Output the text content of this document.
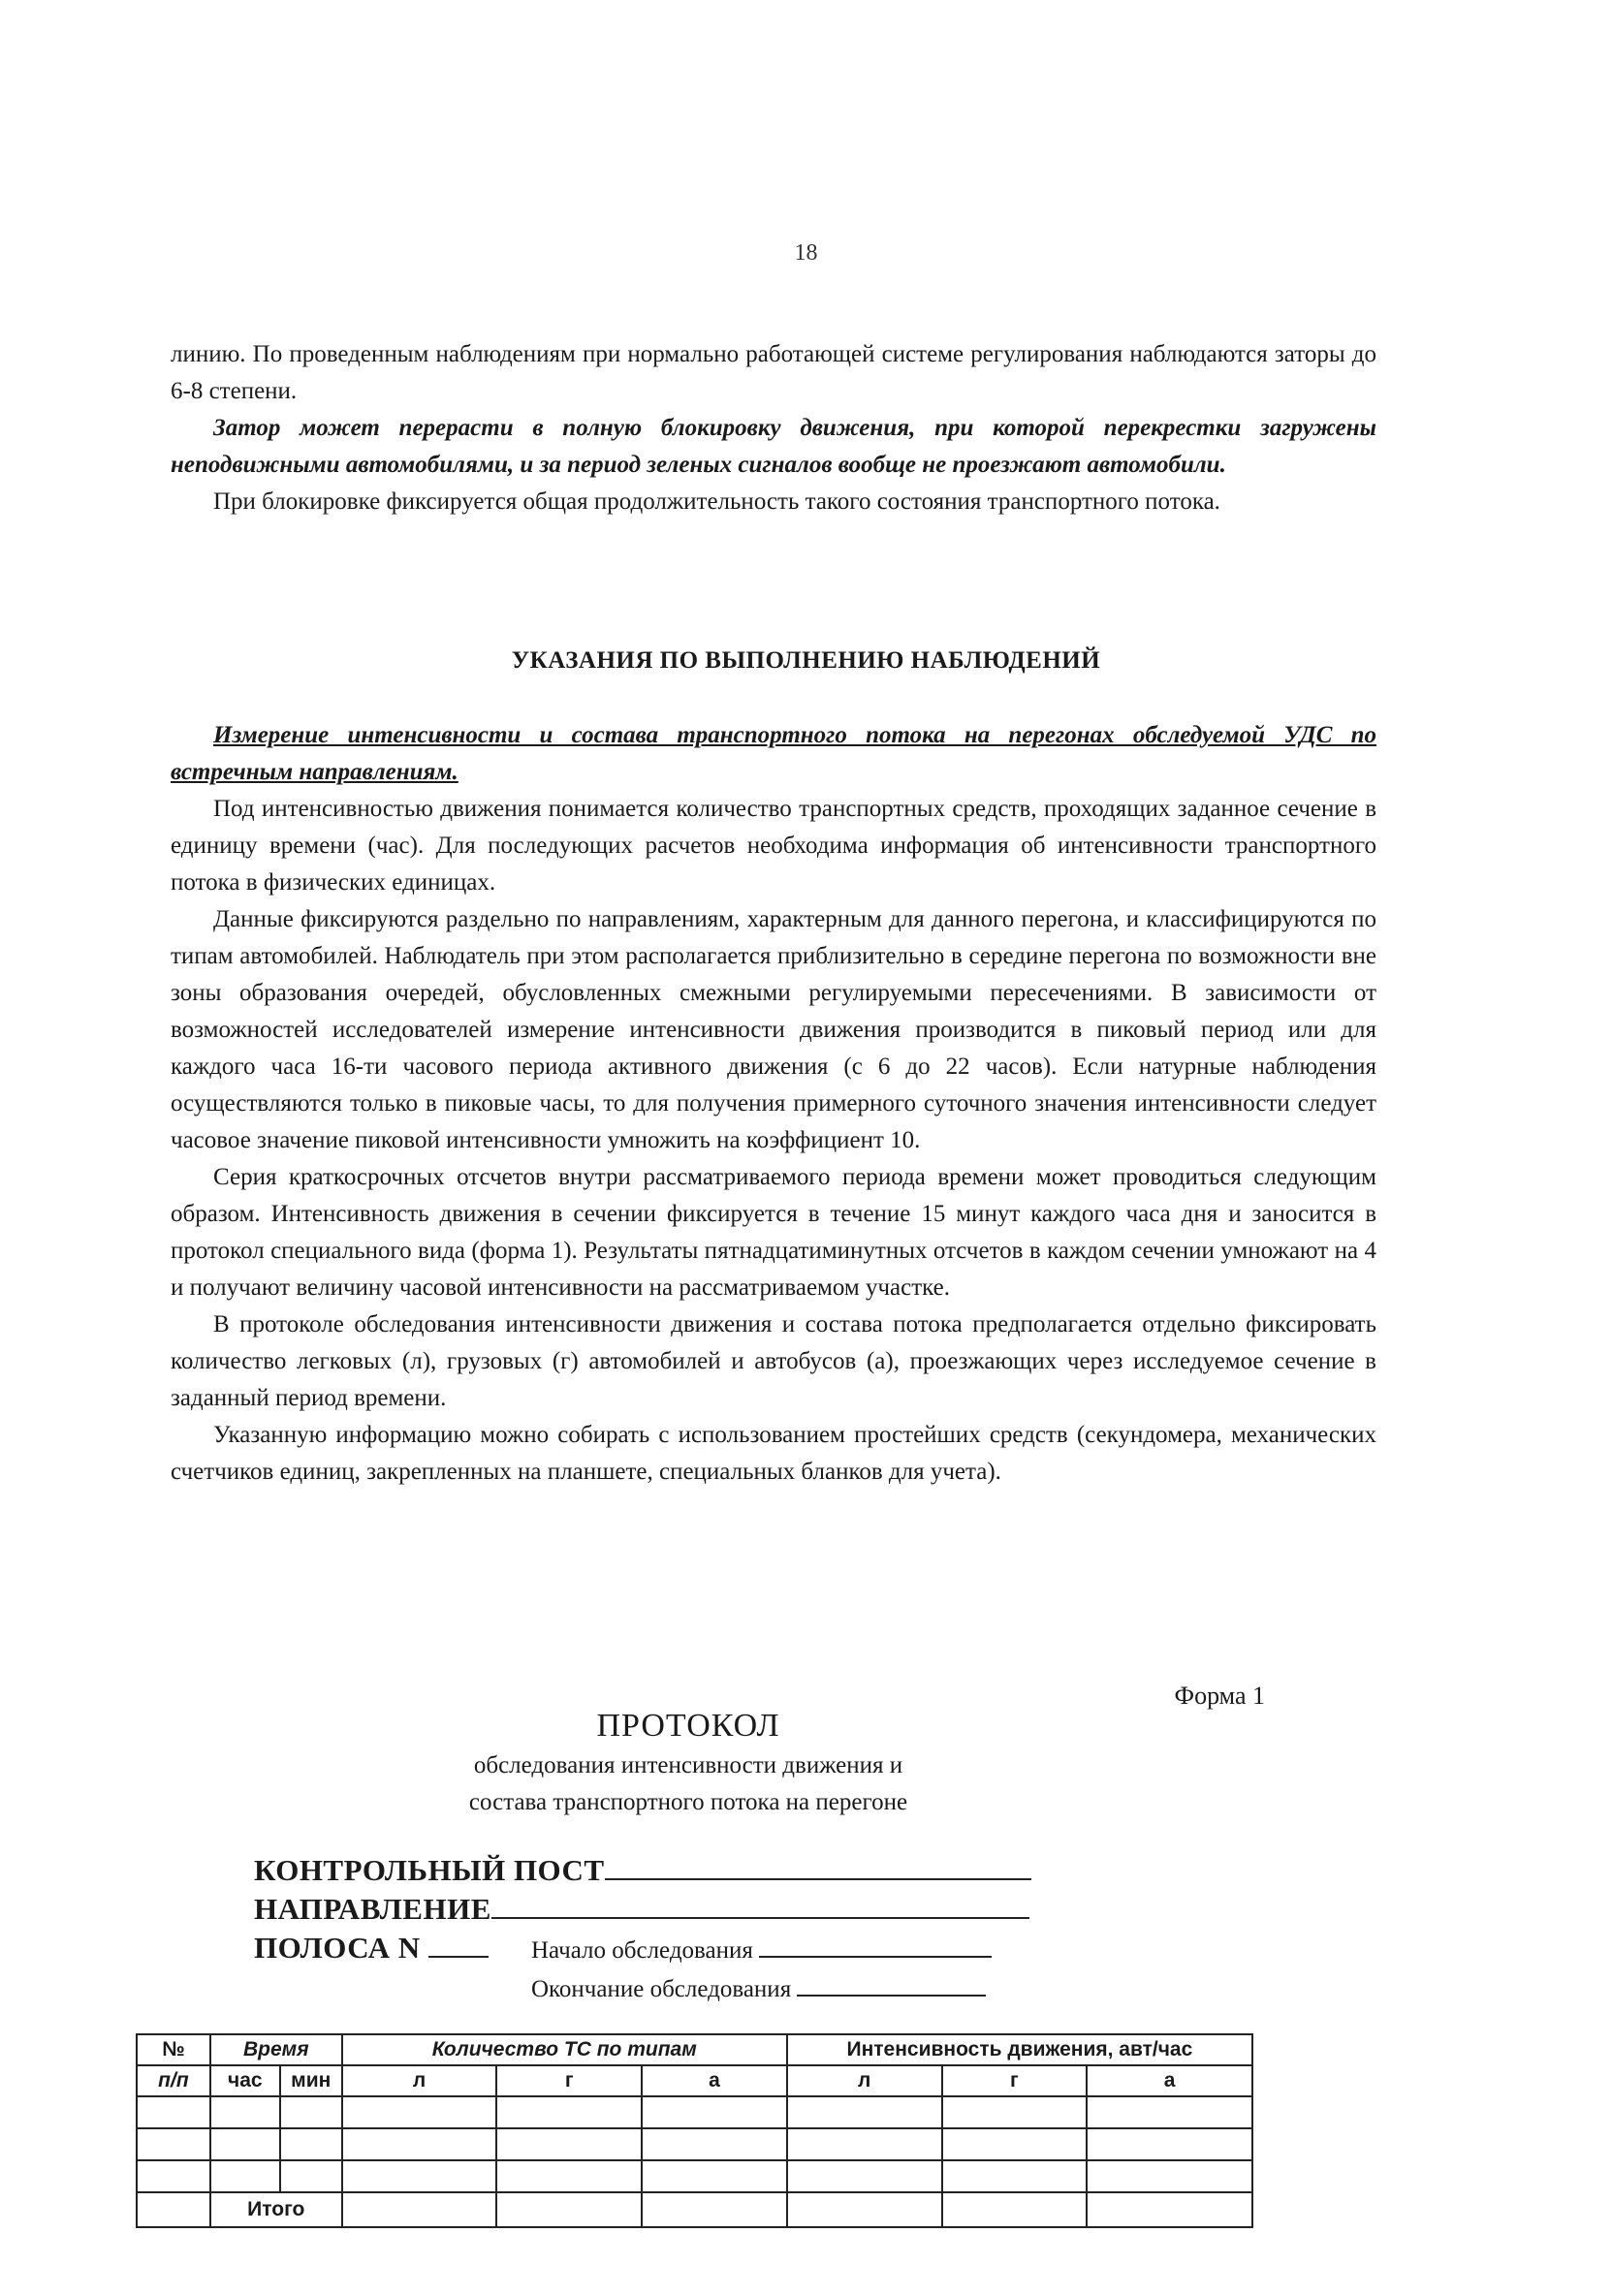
18

линию. По проведенным наблюдениям при нормально работающей системе регулирования наблюдаются заторы до 6-8 степени.

Затор может перерасти в полную блокировку движения, при которой перекрестки загружены неподвижными автомобилями, и за период зеленых сигналов вообще не проезжают автомобили.

При блокировке фиксируется общая продолжительность такого состояния транспортного потока.

УКАЗАНИЯ ПО ВЫПОЛНЕНИЮ НАБЛЮДЕНИЙ

Измерение интенсивности и состава транспортного потока на перегонах обследуемой УДС по встречным направлениям.

Под интенсивностью движения понимается количество транспортных средств, проходящих заданное сечение в единицу времени (час). Для последующих расчетов необходима информация об интенсивности транспортного потока в физических единицах.

Данные фиксируются раздельно по направлениям, характерным для данного перегона, и классифицируются по типам автомобилей. Наблюдатель при этом располагается приблизительно в середине перегона по возможности вне зоны образования очередей, обусловленных смежными регулируемыми пересечениями. В зависимости от возможностей исследователей измерение интенсивности движения производится в пиковый период или для каждого часа 16-ти часового периода активного движения (с 6 до 22 часов). Если натурные наблюдения осуществляются только в пиковые часы, то для получения примерного суточного значения интенсивности следует часовое значение пиковой интенсивности умножить на коэффициент 10.

Серия краткосрочных отсчетов внутри рассматриваемого периода времени может проводиться следующим образом. Интенсивность движения в сечении фиксируется в течение 15 минут каждого часа дня и заносится в протокол специального вида (форма 1). Результаты пятнадцатиминутных отсчетов в каждом сечении умножают на 4 и получают величину часовой интенсивности на рассматриваемом участке.

В протоколе обследования интенсивности движения и состава потока предполагается отдельно фиксировать количество легковых (л), грузовых (г) автомобилей и автобусов (а), проезжающих через исследуемое сечение в заданный период времени.

Указанную информацию можно собирать с использованием простейших средств (секундомера, механических счетчиков единиц, закрепленных на планшете, специальных бланков для учета).

Форма 1
ПРОТОКОЛ
обследования интенсивности движения и
состава транспортного потока на перегоне
КОНТРОЛЬНЫЙ ПОСТ
НАПРАВЛЕНИЕ
ПОЛОСА N	Начало обследования
Окончание обследования
№	Время		Количество ТС по типам			Интенсивность движения, авт/час		
п/п	час	мин	л	г	а	л	г	а

	Итого							
